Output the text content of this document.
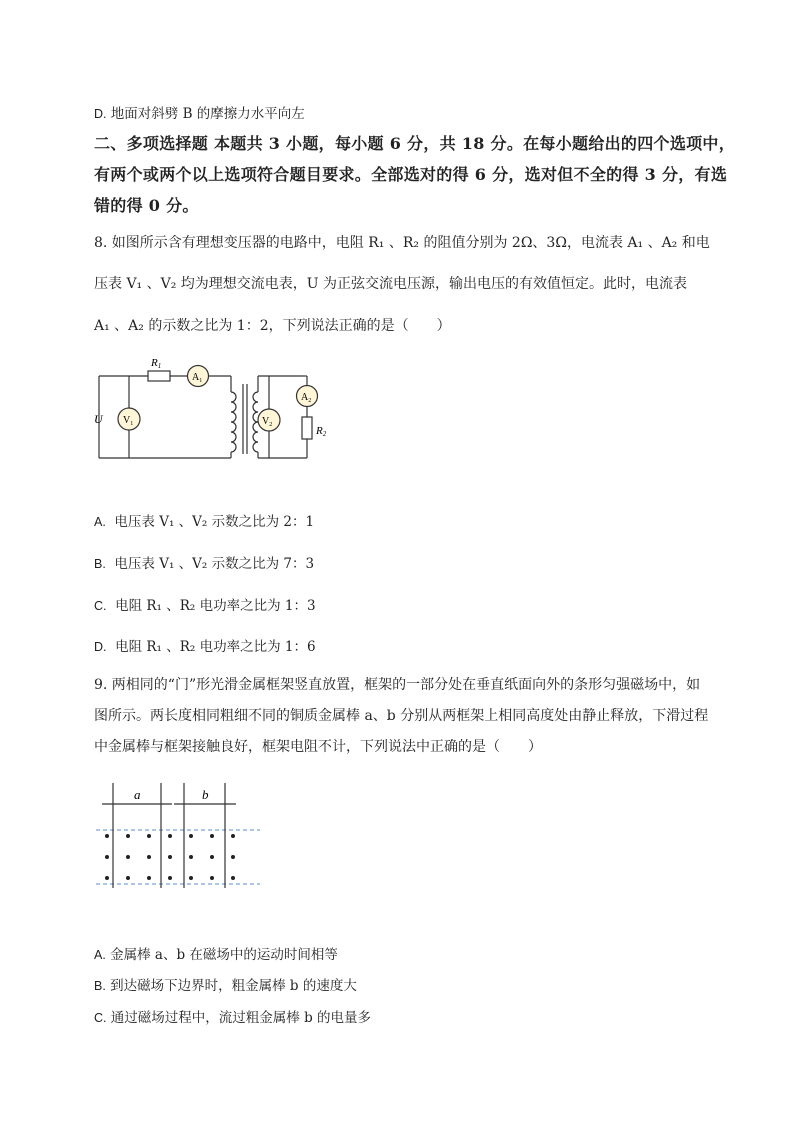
D. 地面对斜劈 B 的摩擦力水平向左
二、多项选择题 本题共 3 小题，每小题 6 分，共 18 分。在每小题给出的四个选项中，
有两个或两个以上选项符合题目要求。全部选对的得 6 分，选对但不全的得 3 分，有选
错的得 0 分。
8. 如图所示含有理想变压器的电路中，电阻 R₁ 、R₂ 的阻值分别为 2Ω、3Ω，电流表 A₁ 、A₂ 和电
压表 V₁ 、V₂ 均为理想交流电表，U 为正弦交流电压源，输出电压的有效值恒定。此时，电流表
A₁ 、A₂ 的示数之比为 1：2，下列说法正确的是（　　）
R1
$A_1$
$V_1$
U	$V_2$
$A_2$
R2
A. 电压表 V₁ 、V₂ 示数之比为 2：1
B. 电压表 V₁ 、V₂ 示数之比为 7：3
C. 电阻 R₁ 、R₂ 电功率之比为 1：3
D. 电阻 R₁ 、R₂ 电功率之比为 1：6
9. 两相同的“门”形光滑金属框架竖直放置，框架的一部分处在垂直纸面向外的条形匀强磁场中，如
图所示。两长度相同粗细不同的铜质金属棒 a、b 分别从两框架上相同高度处由静止释放，下滑过程
中金属棒与框架接触良好，框架电阻不计，下列说法中正确的是（　　）
a	b
A. 金属棒 a、b 在磁场中的运动时间相等
B. 到达磁场下边界时，粗金属棒 b 的速度大
C. 通过磁场过程中，流过粗金属棒 b 的电量多
